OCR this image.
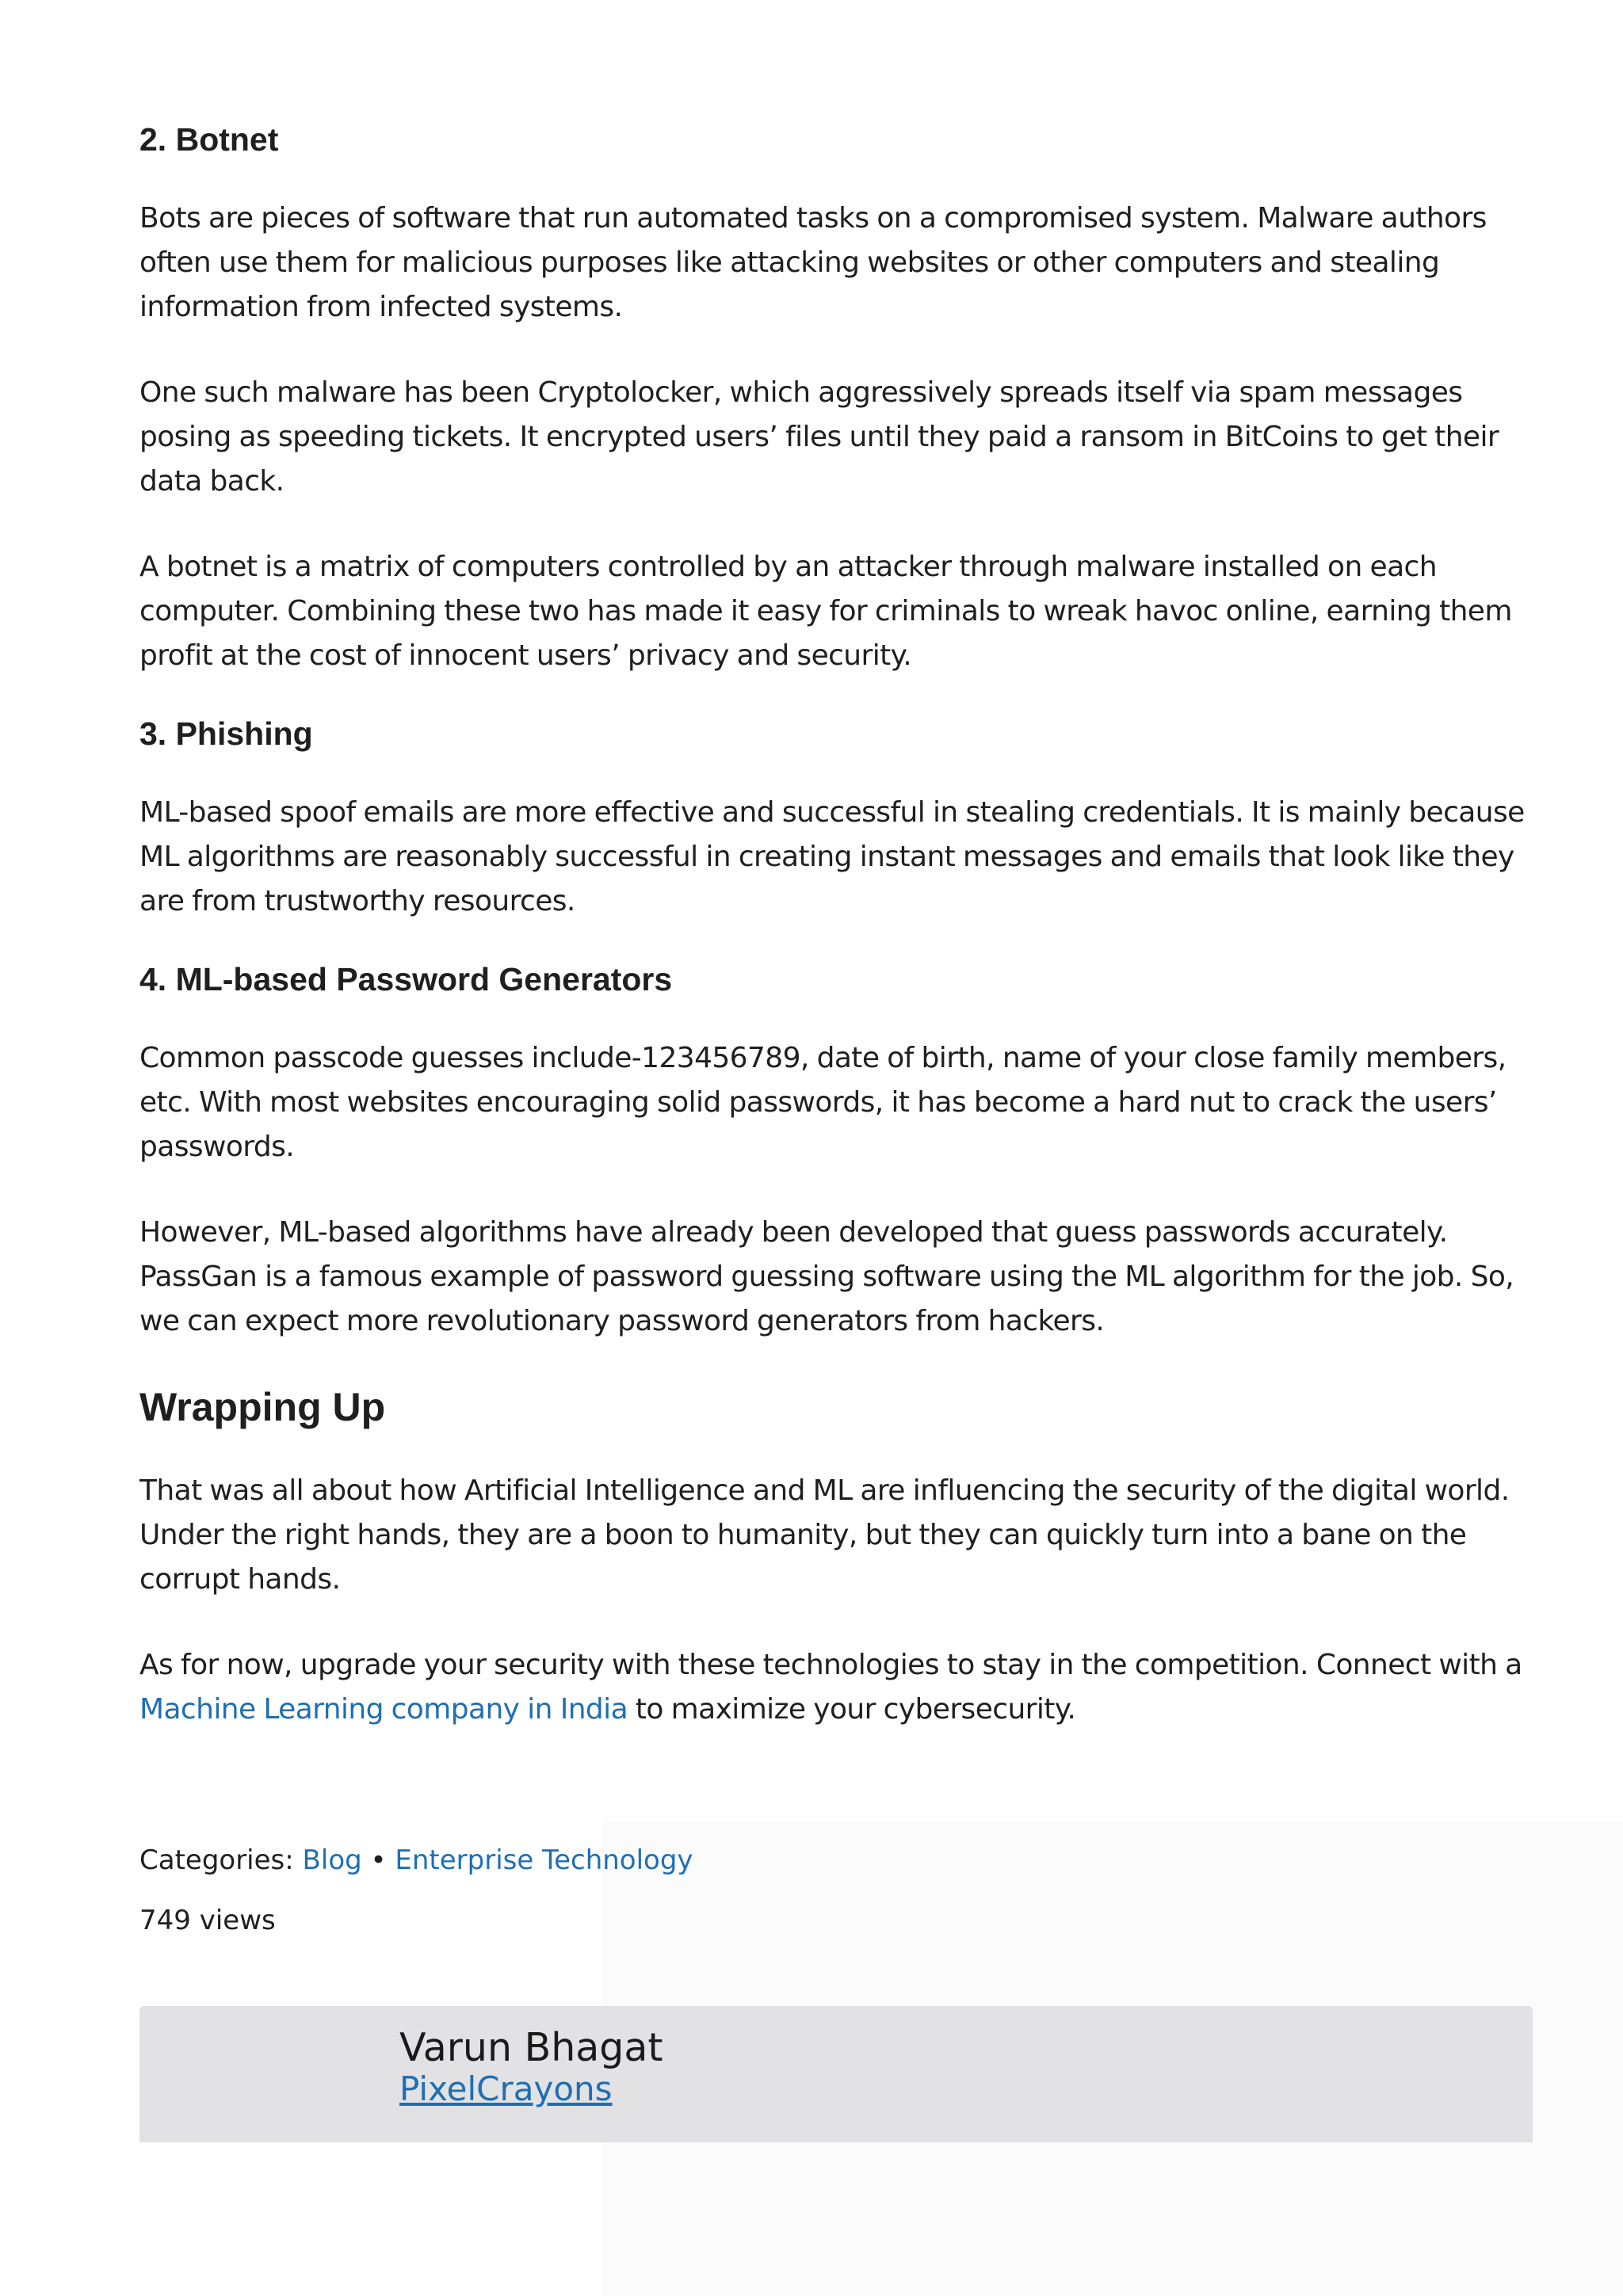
2. Botnet

Bots are pieces of software that run automated tasks on a compromised system. Malware authors often use them for malicious purposes like attacking websites or other computers and stealing information from infected systems.

One such malware has been Cryptolocker, which aggressively spreads itself via spam messages posing as speeding tickets. It encrypted users’ files until they paid a ransom in BitCoins to get their data back.

A botnet is a matrix of computers controlled by an attacker through malware installed on each computer. Combining these two has made it easy for criminals to wreak havoc online, earning them profit at the cost of innocent users’ privacy and security.

3. Phishing

ML-based spoof emails are more effective and successful in stealing credentials. It is mainly because ML algorithms are reasonably successful in creating instant messages and emails that look like they are from trustworthy resources.

4. ML-based Password Generators

Common passcode guesses include-123456789, date of birth, name of your close family members, etc. With most websites encouraging solid passwords, it has become a hard nut to crack the users’ passwords.

However, ML-based algorithms have already been developed that guess passwords accurately. PassGan is a famous example of password guessing software using the ML algorithm for the job. So, we can expect more revolutionary password generators from hackers.

Wrapping Up

That was all about how Artificial Intelligence and ML are influencing the security of the digital world. Under the right hands, they are a boon to humanity, but they can quickly turn into a bane on the corrupt hands.

As for now, upgrade your security with these technologies to stay in the competition. Connect with a Machine Learning company in India to maximize your cybersecurity.

Categories: Blog • Enterprise Technology
749 views
Varun Bhagat
PixelCrayons
